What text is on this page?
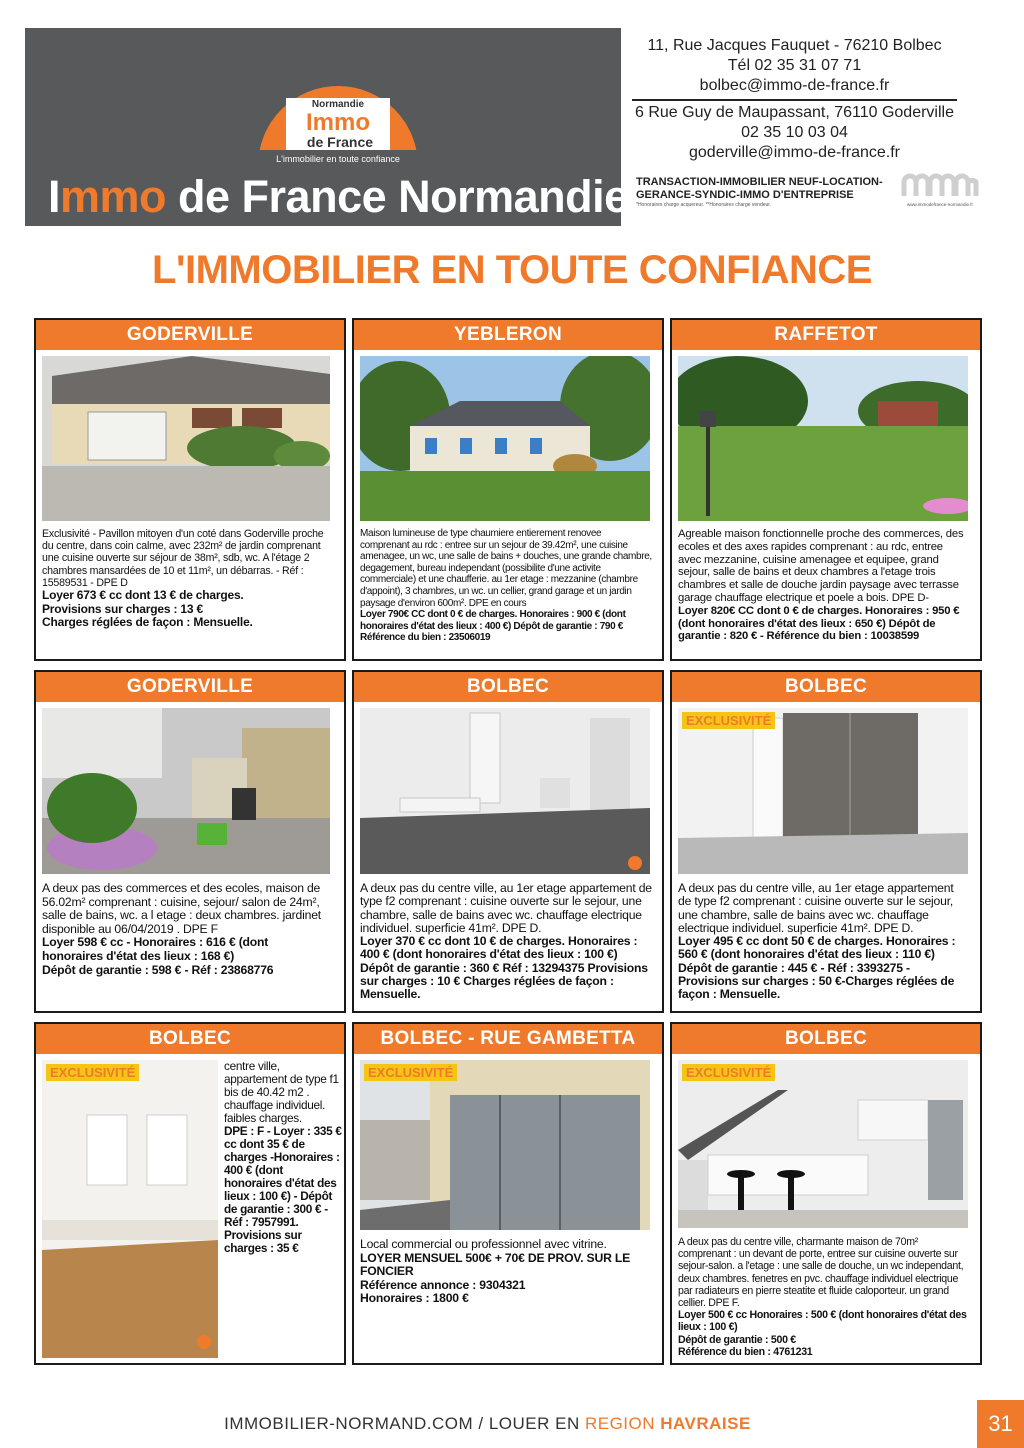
Normandie
Immo
de France
L'immobilier en toute confiance
Immo de France Normandie
11, Rue Jacques Fauquet - 76210 Bolbec
Tél 02 35 31 07 71
bolbec@immo-de-france.fr
6 Rue Guy de Maupassant, 76110 Goderville
02 35 10 03 04
goderville@immo-de-france.fr
TRANSACTION-IMMOBILIER NEUF-LOCATION-
GERANCE-SYNDIC-IMMO D'ENTREPRISE
*Honoraires charge acquereur. **Honoraires charge vendeur.	www.immodefrance-normandie.fr
L'IMMOBILIER EN TOUTE CONFIANCE
GODERVILLE
Exclusivité - Pavillon mitoyen d'un coté dans Goderville proche du centre, dans coin calme, avec 232m² de jardin comprenant une cuisine ouverte sur séjour de 38m², sdb, wc. A l'étage 2 chambres mansardées de 10 et 11m², un débarras. - Réf : 15589531 - DPE D
Loyer 673 € cc dont 13 € de charges.
Provisions sur charges : 13 €
Charges réglées de façon : Mensuelle.
YEBLERON
Maison lumineuse de type chaumiere entierement renovee comprenant au rdc : entree sur un sejour de 39.42m², une cuisine amenagee, un wc, une salle de bains + douches, une grande chambre, degagement, bureau independant (possibilite d'une activite commerciale) et une chaufferie. au 1er etage : mezzanine (chambre d'appoint), 3 chambres, un wc. un cellier, grand garage et un jardin paysage d'environ 600m². DPE en cours
Loyer 790€ CC dont 0 € de charges. Honoraires : 900 € (dont honoraires d'état des lieux : 400 €) Dépôt de garantie : 790 € Référence du bien : 23506019
RAFFETOT
Agreable maison fonctionnelle proche des commerces, des ecoles et des axes rapides comprenant : au rdc, entree avec mezzanine, cuisine amenagee et equipee, grand sejour, salle de bains et deux chambres a l'etage trois chambres et salle de douche jardin paysage avec terrasse garage chauffage electrique et poele a bois. DPE D-
Loyer 820€ CC dont 0 € de charges. Honoraires : 950 € (dont honoraires d'état des lieux : 650 €) Dépôt de garantie : 820 € - Référence du bien : 10038599
GODERVILLE
A deux pas des commerces et des ecoles, maison de 56.02m² comprenant : cuisine, sejour/ salon de 24m², salle de bains, wc. a l etage : deux chambres. jardinet disponible au 06/04/2019 . DPE F
Loyer 598 € cc - Honoraires : 616 € (dont honoraires d'état des lieux : 168 €)
Dépôt de garantie : 598 € - Réf : 23868776
BOLBEC
A deux pas du centre ville, au 1er etage appartement de type f2 comprenant : cuisine ouverte sur le sejour, une chambre, salle de bains avec wc. chauffage electrique individuel. superficie 41m². DPE D.
Loyer 370 € cc dont 10 € de charges. Honoraires : 400 € (dont honoraires d'état des lieux : 100 €) Dépôt de garantie : 360 € Réf : 13294375 Provisions sur charges : 10 € Charges réglées de façon : Mensuelle.
BOLBEC
EXCLUSIVITÉ
A deux pas du centre ville, au 1er etage appartement de type f2 comprenant : cuisine ouverte sur le sejour, une chambre, salle de bains avec wc. chauffage electrique individuel. superficie 41m². DPE D.
Loyer 495 € cc dont 50 € de charges. Honoraires : 560 € (dont honoraires d'état des lieux : 110 €) Dépôt de garantie : 445 € - Réf : 3393275 - Provisions sur charges : 50 €-Charges réglées de façon : Mensuelle.
BOLBEC
EXCLUSIVITÉ	centre ville, appartement de type f1 bis de 40.42 m2 . chauffage individuel. faibles charges.
DPE : F - Loyer : 335 € cc dont 35 € de charges -Honoraires : 400 € (dont honoraires d'état des lieux : 100 €) - Dépôt de garantie : 300 € - Réf : 7957991. Provisions sur charges : 35 €
BOLBEC - RUE GAMBETTA
EXCLUSIVITÉ
Local commercial ou professionnel avec vitrine.
LOYER MENSUEL 500€ + 70€ DE PROV. SUR LE FONCIER
Référence annonce : 9304321
Honoraires : 1800 €
BOLBEC
EXCLUSIVITÉ
A deux pas du centre ville, charmante maison de 70m² comprenant : un devant de porte, entree sur cuisine ouverte sur sejour-salon. a l'etage : une salle de douche, un wc independant, deux chambres. fenetres en pvc. chauffage individuel electrique par radiateurs en pierre steatite et fluide caloporteur. un grand cellier. DPE F.
Loyer 500 € cc Honoraires : 500 € (dont honoraires d'état des lieux : 100 €)
Dépôt de garantie : 500 €
Référence du bien : 4761231
IMMOBILIER-NORMAND.COM / LOUER EN REGION HAVRAISE	31
